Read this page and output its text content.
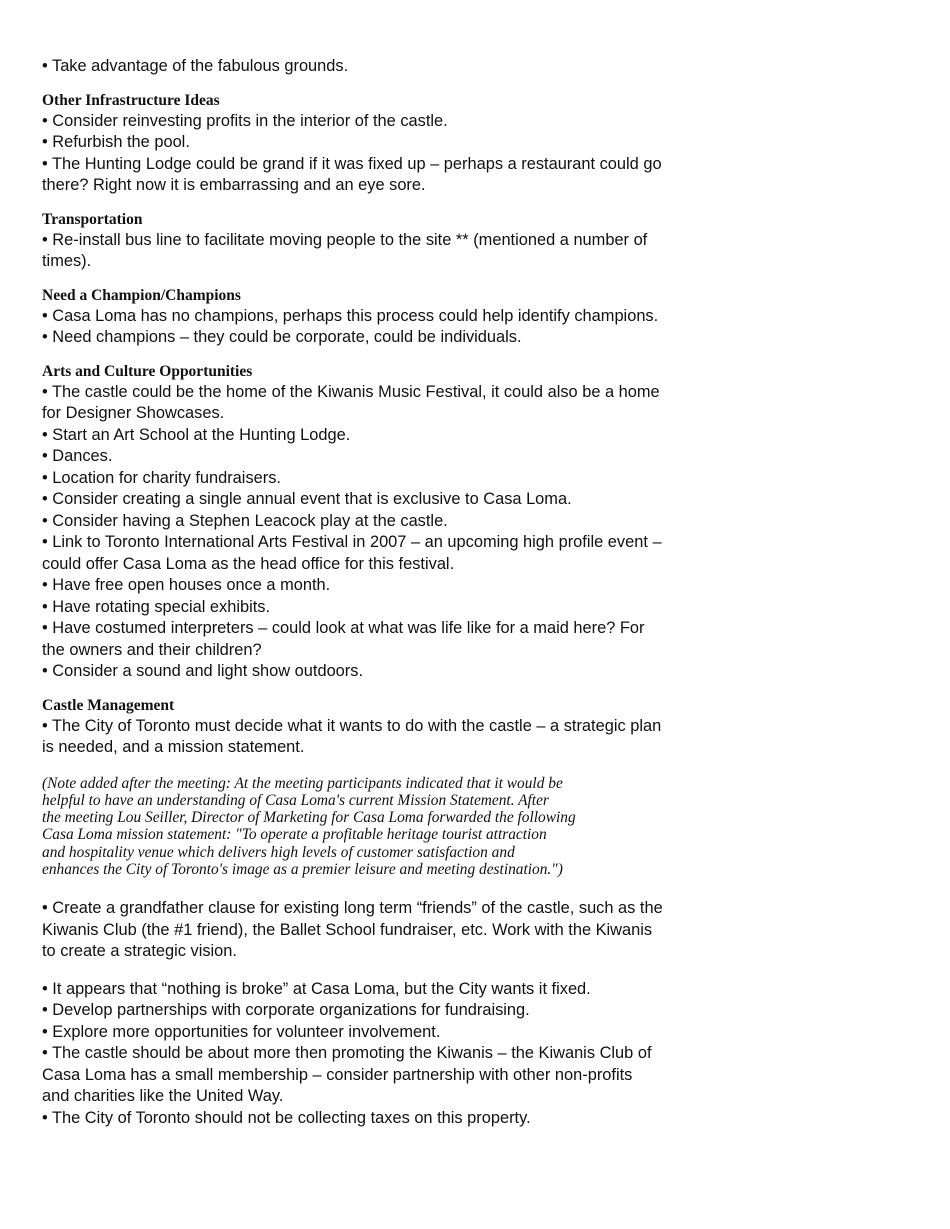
• Take advantage of the fabulous grounds.

Other Infrastructure Ideas

• Consider reinvesting profits in the interior of the castle.

• Refurbish the pool.

• The Hunting Lodge could be grand if it was fixed up – perhaps a restaurant could go

there? Right now it is embarrassing and an eye sore.

Transportation

• Re-install bus line to facilitate moving people to the site ** (mentioned a number of

times).

Need a Champion/Champions

• Casa Loma has no champions, perhaps this process could help identify champions.

• Need champions – they could be corporate, could be individuals.

Arts and Culture Opportunities

• The castle could be the home of the Kiwanis Music Festival, it could also be a home

for Designer Showcases.

• Start an Art School at the Hunting Lodge.

• Dances.

• Location for charity fundraisers.

• Consider creating a single annual event that is exclusive to Casa Loma.

• Consider having a Stephen Leacock play at the castle.

• Link to Toronto International Arts Festival in 2007 – an upcoming high profile event –

could offer Casa Loma as the head office for this festival.

• Have free open houses once a month.

• Have rotating special exhibits.

• Have costumed interpreters – could look at what was life like for a maid here? For

the owners and their children?

• Consider a sound and light show outdoors.

Castle Management

• The City of Toronto must decide what it wants to do with the castle – a strategic plan

is needed, and a mission statement.

(Note added after the meeting: At the meeting participants indicated that it would be
helpful to have an understanding of Casa Loma's current Mission Statement. After
the meeting Lou Seiller, Director of Marketing for Casa Loma forwarded the following
Casa Loma mission statement: "To operate a profitable heritage tourist attraction
and hospitality venue which delivers high levels of customer satisfaction and
enhances the City of Toronto's image as a premier leisure and meeting destination.")

• Create a grandfather clause for existing long term “friends” of the castle, such as the

Kiwanis Club (the #1 friend), the Ballet School fundraiser, etc. Work with the Kiwanis

to create a strategic vision.

• It appears that “nothing is broke” at Casa Loma, but the City wants it fixed.

• Develop partnerships with corporate organizations for fundraising.

• Explore more opportunities for volunteer involvement.

• The castle should be about more then promoting the Kiwanis – the Kiwanis Club of

Casa Loma has a small membership – consider partnership with other non-profits

and charities like the United Way.

• The City of Toronto should not be collecting taxes on this property.
